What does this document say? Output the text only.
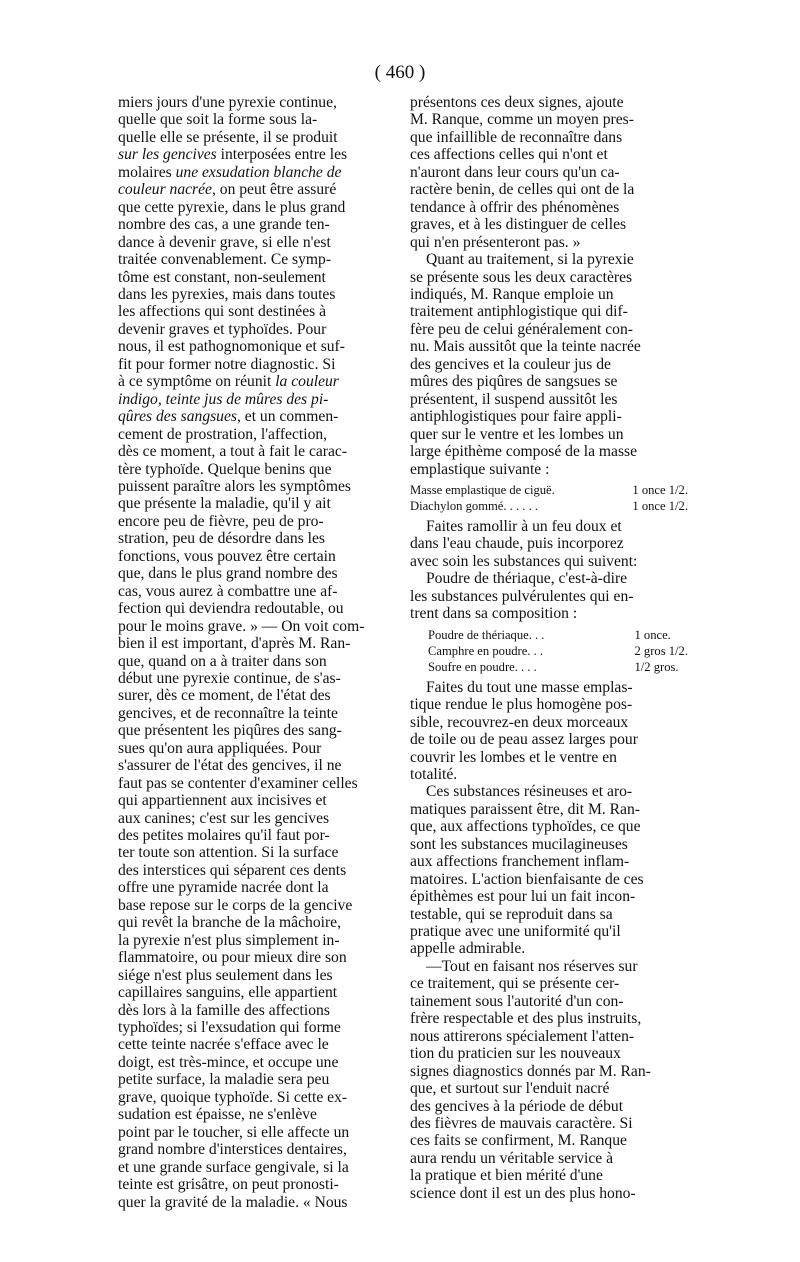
( 460 )
miers jours d'une pyrexie continue,
quelle que soit la forme sous la-
quelle elle se présente, il se produit
sur les gencives interposées entre les
molaires une exsudation blanche de
couleur nacrée, on peut être assuré
que cette pyrexie, dans le plus grand
nombre des cas, a une grande ten-
dance à devenir grave, si elle n'est
traitée convenablement. Ce symp-
tôme est constant, non-seulement
dans les pyrexies, mais dans toutes
les affections qui sont destinées à
devenir graves et typhoïdes. Pour
nous, il est pathognomonique et suf-
fit pour former notre diagnostic. Si
à ce symptôme on réunit la couleur
indigo, teinte jus de mûres des pi-
qûres des sangsues, et un commen-
cement de prostration, l'affection,
dès ce moment, a tout à fait le carac-
tère typhoïde. Quelque benins que
puissent paraître alors les symptômes
que présente la maladie, qu'il y ait
encore peu de fièvre, peu de pro-
stration, peu de désordre dans les
fonctions, vous pouvez être certain
que, dans le plus grand nombre des
cas, vous aurez à combattre une af-
fection qui deviendra redoutable, ou
pour le moins grave. » — On voit com-
bien il est important, d'après M. Ran-
que, quand on a à traiter dans son
début une pyrexie continue, de s'as-
surer, dès ce moment, de l'état des
gencives, et de reconnaître la teinte
que présentent les piqûres des sang-
sues qu'on aura appliquées. Pour
s'assurer de l'état des gencives, il ne
faut pas se contenter d'examiner celles
qui appartiennent aux incisives et
aux canines; c'est sur les gencives
des petites molaires qu'il faut por-
ter toute son attention. Si la surface
des interstices qui séparent ces dents
offre une pyramide nacrée dont la
base repose sur le corps de la gencive
qui revêt la branche de la mâchoire,
la pyrexie n'est plus simplement in-
flammatoire, ou pour mieux dire son
siége n'est plus seulement dans les
capillaires sanguins, elle appartient
dès lors à la famille des affections
typhoïdes; si l'exsudation qui forme
cette teinte nacrée s'efface avec le
doigt, est très-mince, et occupe une
petite surface, la maladie sera peu
grave, quoique typhoïde. Si cette ex-
sudation est épaisse, ne s'enlève
point par le toucher, si elle affecte un
grand nombre d'interstices dentaires,
et une grande surface gengivale, si la
teinte est grisâtre, on peut pronosti-
quer la gravité de la maladie. « Nous
présentons ces deux signes, ajoute
M. Ranque, comme un moyen pres-
que infaillible de reconnaître dans
ces affections celles qui n'ont et
n'auront dans leur cours qu'un ca-
ractère benin, de celles qui ont de la
tendance à offrir des phénomènes
graves, et à les distinguer de celles
qui n'en présenteront pas. »
Quant au traitement, si la pyrexie
se présente sous les deux caractères
indiqués, M. Ranque emploie un
traitement antiphlogistique qui dif-
fère peu de celui généralement con-
nu. Mais aussitôt que la teinte nacrée
des gencives et la couleur jus de
mûres des piqûres de sangsues se
présentent, il suspend aussitôt les
antiphlogistiques pour faire appli-
quer sur le ventre et les lombes un
large épithème composé de la masse
emplastique suivante :
Masse emplastique de ciguë.	1 once 1/2.
Diachylon gommé. . . . . .	1 once 1/2.
Faites ramollir à un feu doux et
dans l'eau chaude, puis incorporez
avec soin les substances qui suivent:
Poudre de thériaque, c'est-à-dire
les substances pulvérulentes qui en-
trent dans sa composition :
Poudre de thériaque. . .	1 once.
Camphre en poudre. . .	2 gros 1/2.
Soufre en poudre. . . .	1/2 gros.
Faites du tout une masse emplas-
tique rendue le plus homogène pos-
sible, recouvrez-en deux morceaux
de toile ou de peau assez larges pour
couvrir les lombes et le ventre en
totalité.
Ces substances résineuses et aro-
matiques paraissent être, dit M. Ran-
que, aux affections typhoïdes, ce que
sont les substances mucilagineuses
aux affections franchement inflam-
matoires. L'action bienfaisante de ces
épithèmes est pour lui un fait incon-
testable, qui se reproduit dans sa
pratique avec une uniformité qu'il
appelle admirable.
—Tout en faisant nos réserves sur
ce traitement, qui se présente cer-
tainement sous l'autorité d'un con-
frère respectable et des plus instruits,
nous attirerons spécialement l'atten-
tion du praticien sur les nouveaux
signes diagnostics donnés par M. Ran-
que, et surtout sur l'enduit nacré
des gencives à la période de début
des fièvres de mauvais caractère. Si
ces faits se confirment, M. Ranque
aura rendu un véritable service à
la pratique et bien mérité d'une
science dont il est un des plus hono-
